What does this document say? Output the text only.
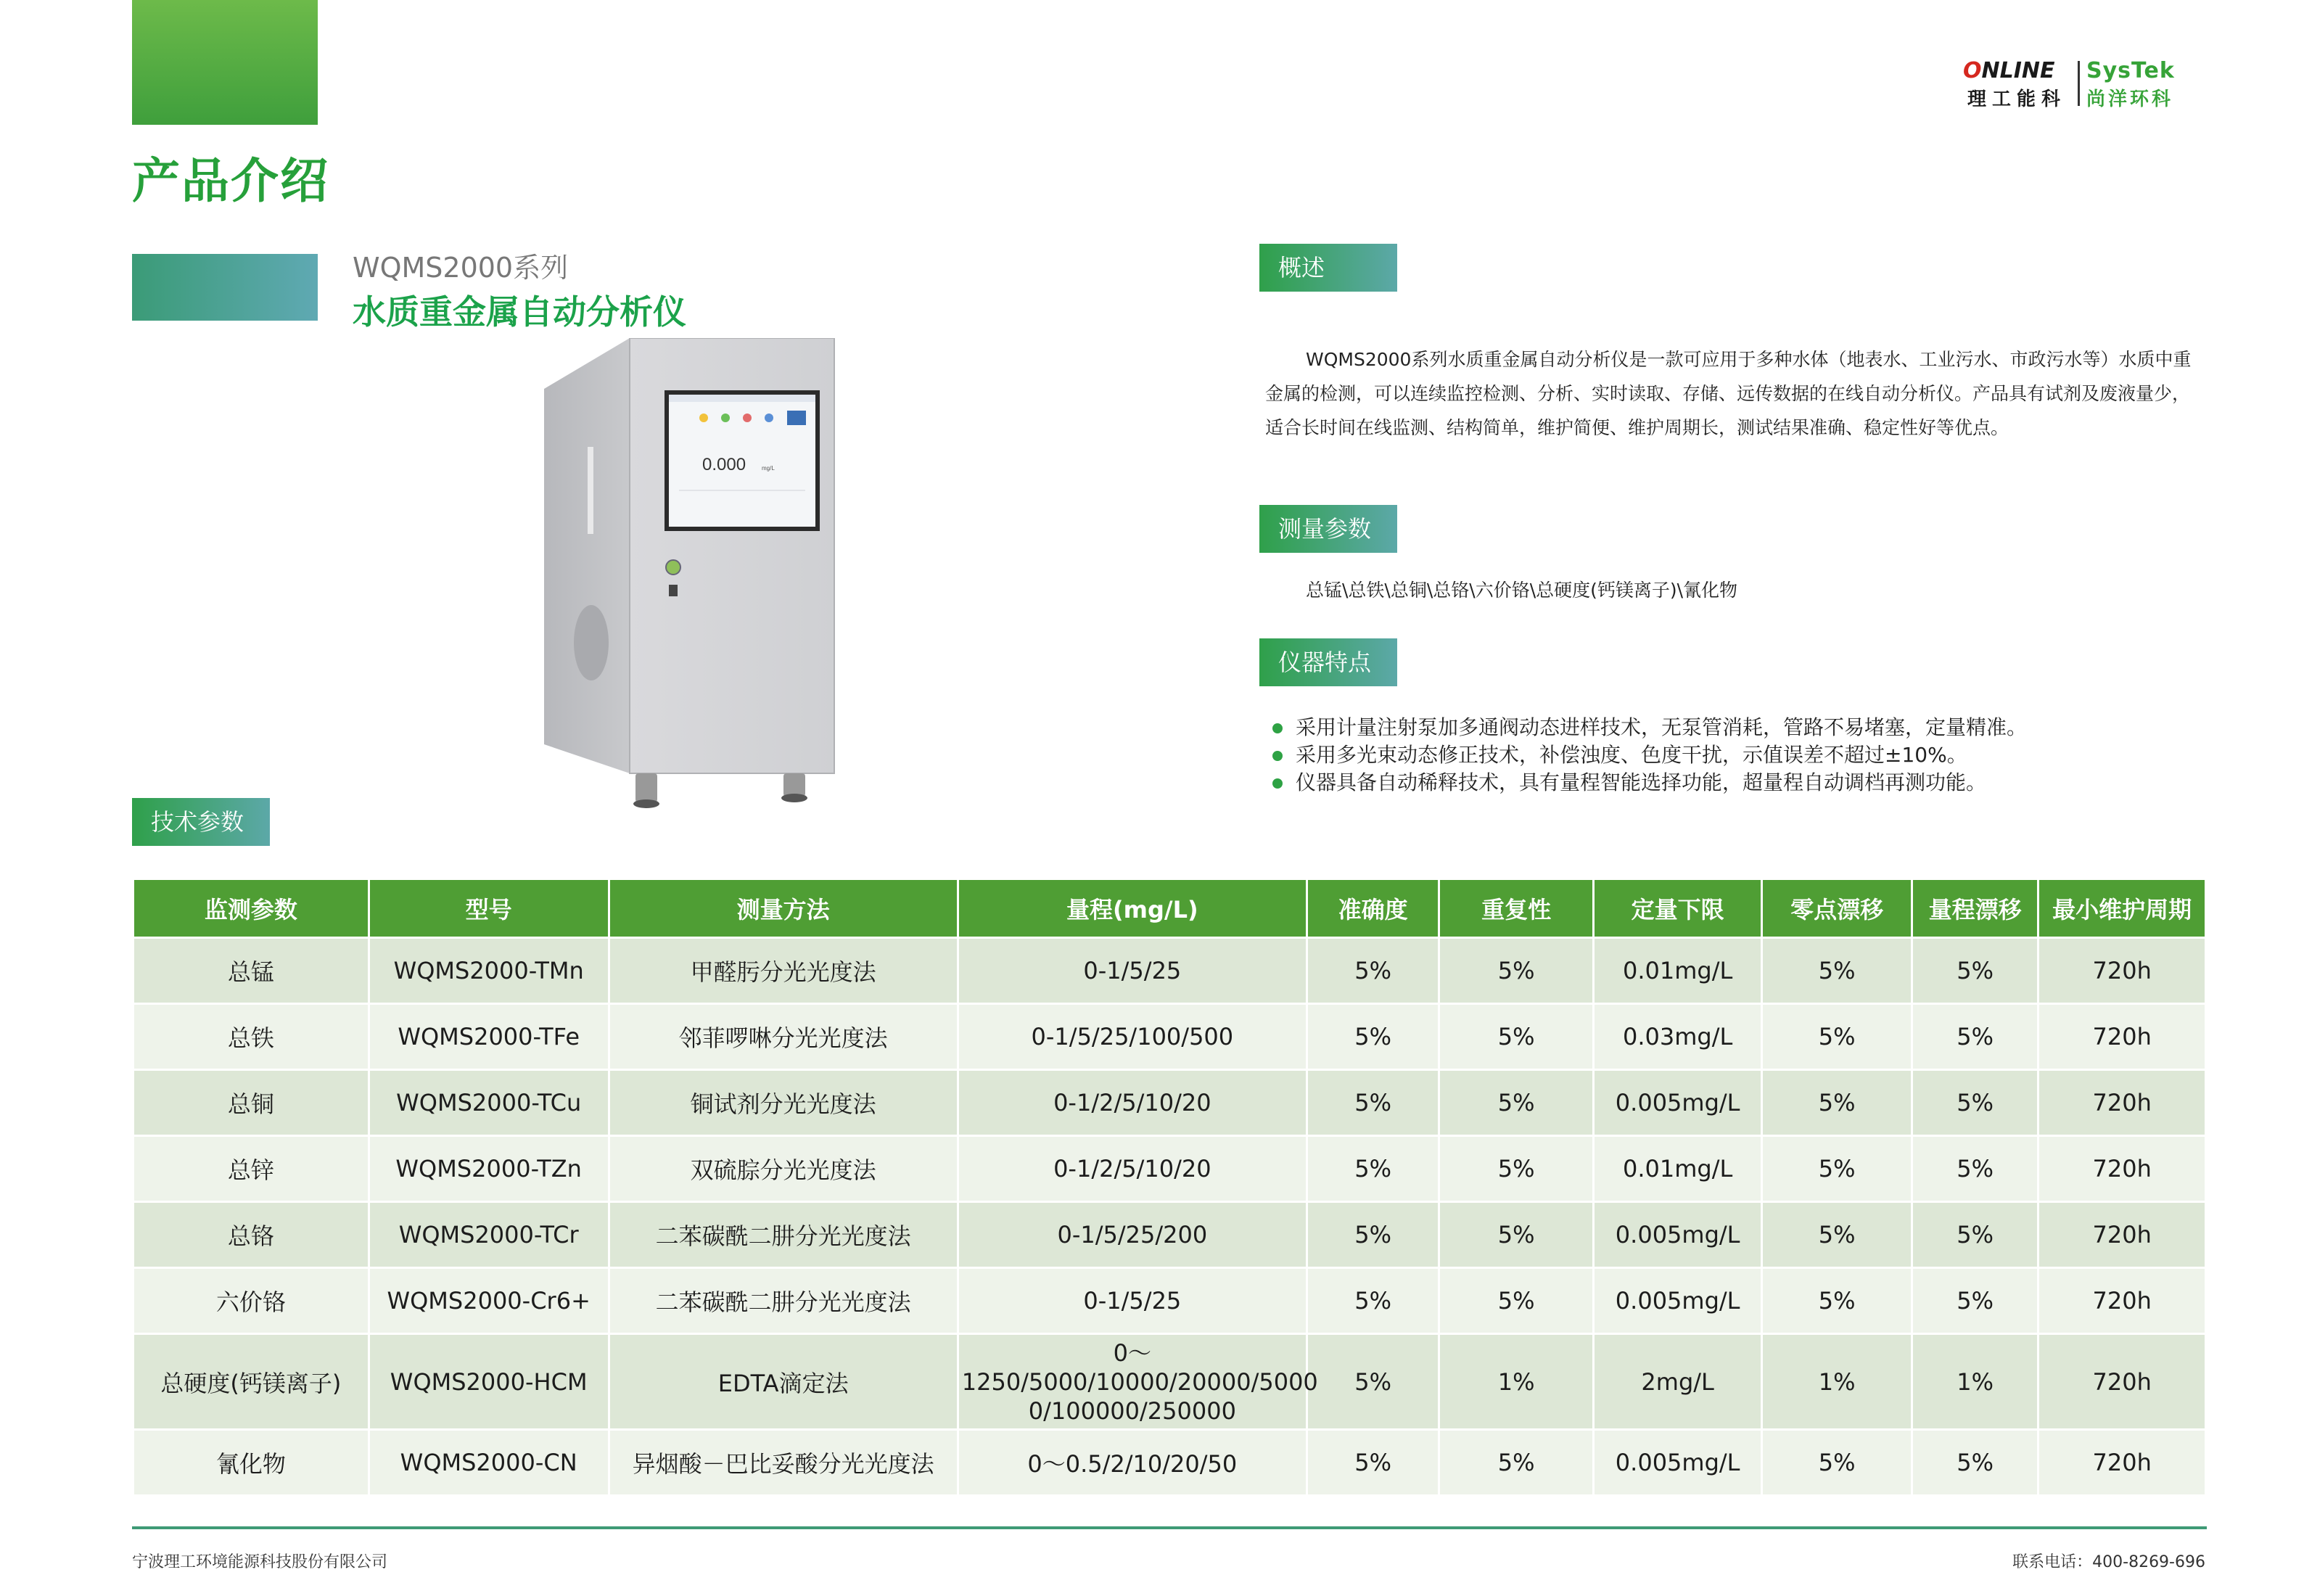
产品介绍
ONLINE
理工能科
SysTek
尚洋环科
WQMS2000系列
水质重金属自动分析仪
0.000	mg/L
概述

WQMS2000系列水质重金属自动分析仪是一款可应用于多种水体（地表水、工业污水、市政污水等）水质中重金属的检测，可以连续监控检测、分析、实时读取、存储、远传数据的在线自动分析仪。产品具有试剂及废液量少，适合长时间在线监测、结构简单，维护简便、维护周期长，测试结果准确、稳定性好等优点。

测量参数
总锰\总铁\总铜\总铬\六价铬\总硬度(钙镁离子)\氰化物
仪器特点
采用计量注射泵加多通阀动态进样技术，无泵管消耗，管路不易堵塞，定量精准。
采用多光束动态修正技术，补偿浊度、色度干扰，示值误差不超过±10%。
仪器具备自动稀释技术，具有量程智能选择功能，超量程自动调档再测功能。
技术参数
监测参数	型号	测量方法	量程(mg/L)	准确度	重复性	定量下限	零点漂移	量程漂移	最小维护周期
总锰	WQMS2000-TMn	甲醛肟分光光度法	0-1/5/25	5%	5%	0.01mg/L	5%	5%	720h
总铁	WQMS2000-TFe	邻菲啰啉分光光度法	0-1/5/25/100/500	5%	5%	0.03mg/L	5%	5%	720h
总铜	WQMS2000-TCu	铜试剂分光光度法	0-1/2/5/10/20	5%	5%	0.005mg/L	5%	5%	720h
总锌	WQMS2000-TZn	双硫腙分光光度法	0-1/2/5/10/20	5%	5%	0.01mg/L	5%	5%	720h
总铬	WQMS2000-TCr	二苯碳酰二肼分光光度法	0-1/5/25/200	5%	5%	0.005mg/L	5%	5%	720h
六价铬	WQMS2000-Cr6+	二苯碳酰二肼分光光度法	0-1/5/25	5%	5%	0.005mg/L	5%	5%	720h
总硬度(钙镁离子)	WQMS2000-HCM	EDTA滴定法	0～
1250/5000/10000/20000/5000
0/100000/250000	5%	1%	2mg/L	1%	1%	720h
氰化物	WQMS2000-CN	异烟酸－巴比妥酸分光光度法	0～0.5/2/10/20/50	5%	5%	0.005mg/L	5%	5%	720h
宁波理工环境能源科技股份有限公司	联系电话：400-8269-696
